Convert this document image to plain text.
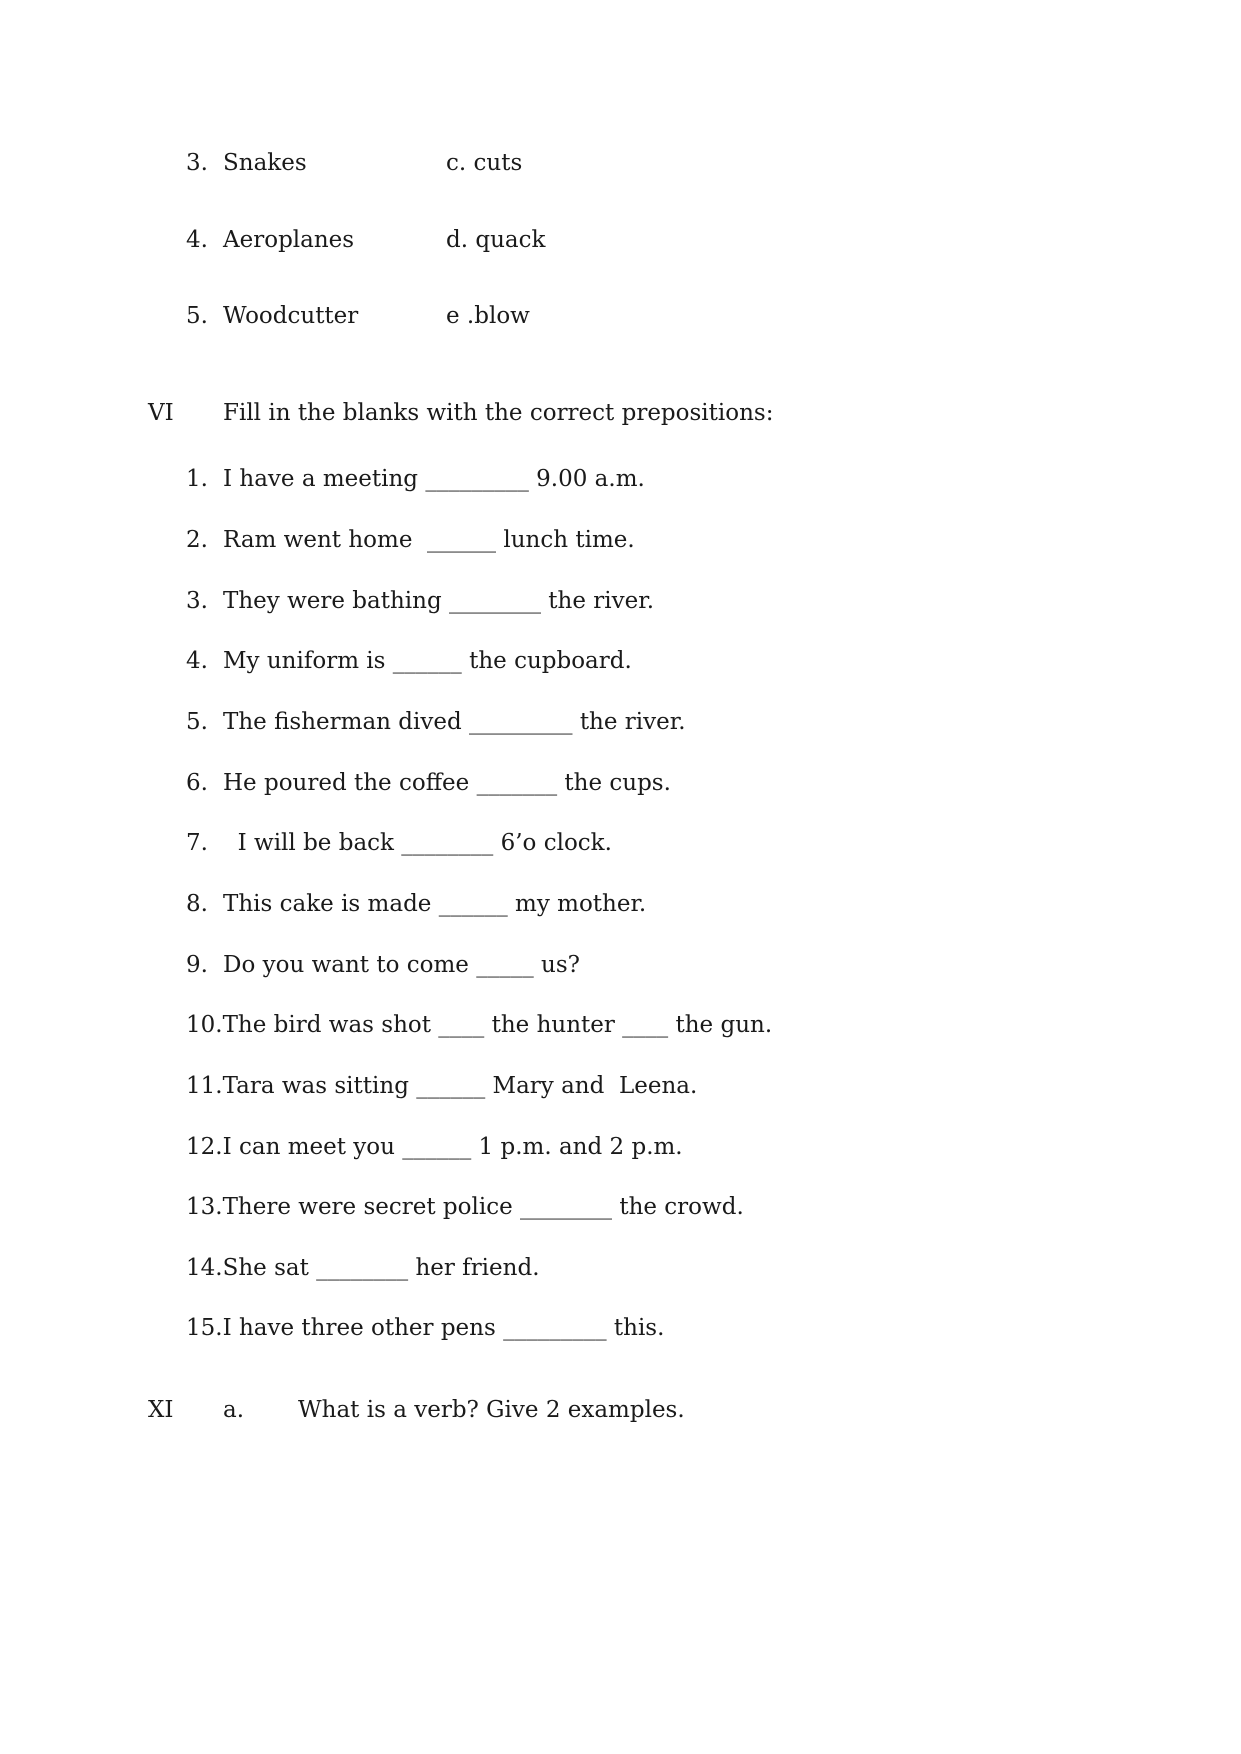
3. Snakes	c. cuts
4. Aeroplanes	d. quack
5. Woodcutter	e .blow
VI Fill in the blanks with the correct prepositions:
1. I have a meeting _________ 9.00 a.m.
2. Ram went home  ______ lunch time.
3. They were bathing ________ the river.
4. My uniform is ______ the cupboard.
5. The fisherman dived _________ the river.
6. He poured the coffee _______ the cups.
7. I will be back ________ 6’o clock.
8. This cake is made ______ my mother.
9. Do you want to come _____ us?
10.The bird was shot ____ the hunter ____ the gun.
11.Tara was sitting ______ Mary and  Leena.
12.I can meet you ______ 1 p.m. and 2 p.m.
13.There were secret police ________ the crowd.
14.She sat ________ her friend.
15.I have three other pens _________ this.
XI a. What is a verb? Give 2 examples.
